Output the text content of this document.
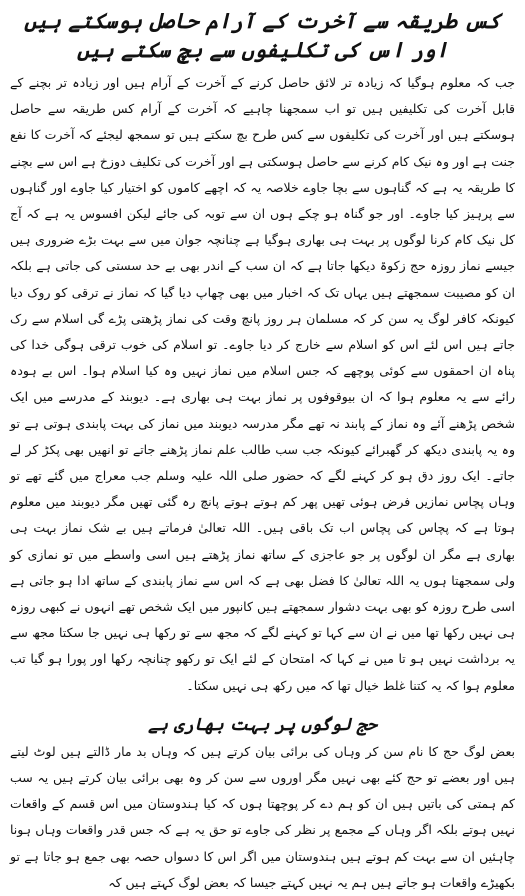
کس طریقہ سے آخرت کے آرام حاصل ہوسکتے ہیں اور اس کی تکلیفوں سے بچ سکتے ہیں

جب کہ معلوم ہوگیا کہ زیادہ تر لائق حاصل کرنے کے آخرت کے آرام ہیں اور زیادہ تر بچنے کے قابل آخرت کی تکلیفیں ہیں تو اب سمجھنا چاہیے کہ آخرت کے آرام کس طریقہ سے حاصل ہوسکتے ہیں اور آخرت کی تکلیفوں سے کس طرح بچ سکتے ہیں تو سمجھ لیجئے کہ آخرت کا نفع جنت ہے اور وہ نیک کام کرنے سے حاصل ہوسکتی ہے اور آخرت کی تکلیف دوزخ ہے اس سے بچنے کا طریقہ یہ ہے کہ گناہوں سے بچا جاوے خلاصہ یہ کہ اچھے کاموں کو اختیار کیا جاوے اور گناہوں سے پرہیز کیا جاوے۔ اور جو گناہ ہو چکے ہوں ان سے توبہ کی جائے لیکن افسوس یہ ہے کہ آج کل نیک کام کرنا لوگوں پر بہت ہی بھاری ہوگیا ہے چنانچہ جوان میں سے بہت بڑے ضروری ہیں جیسے نماز روزہ حج زکوۃ دیکھا جاتا ہے کہ ان سب کے اندر بھی بے حد سستی کی جاتی ہے بلکہ ان کو مصیبت سمجھتے ہیں یہاں تک کہ اخبار میں بھی چھاپ دیا گیا کہ نماز نے ترقی کو روک دیا کیونکہ کافر لوگ یہ سن کر کہ مسلمان ہر روز پانچ وقت کی نماز پڑھتی پڑے گی اسلام سے رک جاتے ہیں اس لئے اس کو اسلام سے خارج کر دیا جاوے۔ تو اسلام کی خوب ترقی ہوگی خدا کی پناہ ان احمقوں سے کوئی پوچھے کہ جس اسلام میں نماز نہیں وہ کیا اسلام ہوا۔ اس بے ہودہ رائے سے یہ معلوم ہوا کہ ان بیوقوفوں پر نماز بہت ہی بھاری ہے۔ دیوبند کے مدرسے میں ایک شخص پڑھنے آئے وہ نماز کے پابند نہ تھے مگر مدرسہ دیوبند میں نماز کی بہت پابندی ہوتی ہے تو وہ یہ پابندی دیکھ کر گھبرائے کیونکہ جب سب طالب علم نماز پڑھنے جاتے تو انھیں بھی پکڑ کر لے جاتے۔ ایک روز دق ہو کر کہنے لگے کہ حضور صلی اللہ علیہ وسلم جب معراج میں گئے تھے تو وہاں پچاس نمازیں فرض ہوئی تھیں پھر کم ہوتے ہوتے پانچ رہ گئی تھیں مگر دیوبند میں معلوم ہوتا ہے کہ پچاس کی پچاس اب تک باقی ہیں۔ اللہ تعالیٰ فرماتے ہیں بے شک نماز بہت ہی بھاری ہے مگر ان لوگوں پر جو عاجزی کے ساتھ نماز پڑھتے ہیں اسی واسطے میں تو نمازی کو ولی سمجھتا ہوں یہ اللہ تعالیٰ کا فضل بھی ہے کہ اس سے نماز پابندی کے ساتھ ادا ہو جاتی ہے اسی طرح روزہ کو بھی بہت دشوار سمجھتے ہیں کانپور میں ایک شخص تھے انہوں نے کبھی روزہ ہی نہیں رکھا تھا میں نے ان سے کہا تو کہنے لگے کہ مجھ سے تو رکھا ہی نہیں جا سکتا مجھ سے یہ برداشت نہیں ہو تا میں نے کہا کہ امتحان کے لئے ایک تو رکھو چنانچہ رکھا اور پورا ہو گیا تب معلوم ہوا کہ یہ کتنا غلط خیال تھا کہ میں رکھ ہی نہیں سکتا۔

حج لوگوں پر بہت بھاری ہے

بعض لوگ حج کا نام سن کر وہاں کی برائی بیان کرتے ہیں کہ وہاں بد مار ڈالتے ہیں لوٹ لیتے ہیں اور بعضے تو حج کئے بھی نہیں مگر اوروں سے سن کر وہ بھی برائی بیان کرتے ہیں یہ سب کم ہمتی کی باتیں ہیں ان کو ہم دے کر پوچھتا ہوں کہ کیا ہندوستان میں اس قسم کے واقعات نہیں ہوتے بلکہ اگر وہاں کے مجمع پر نظر کی جاوے تو حق یہ ہے کہ جس قدر واقعات وہاں ہونا چاہئیں ان سے بہت کم ہوتے ہیں ہندوستان میں اگر اس کا دسواں حصہ بھی جمع ہو جاتا ہے تو بکھیڑے واقعات ہو جاتے ہیں ہم یہ نہیں کہتے جیسا کہ بعض لوگ کہتے ہیں کہ
